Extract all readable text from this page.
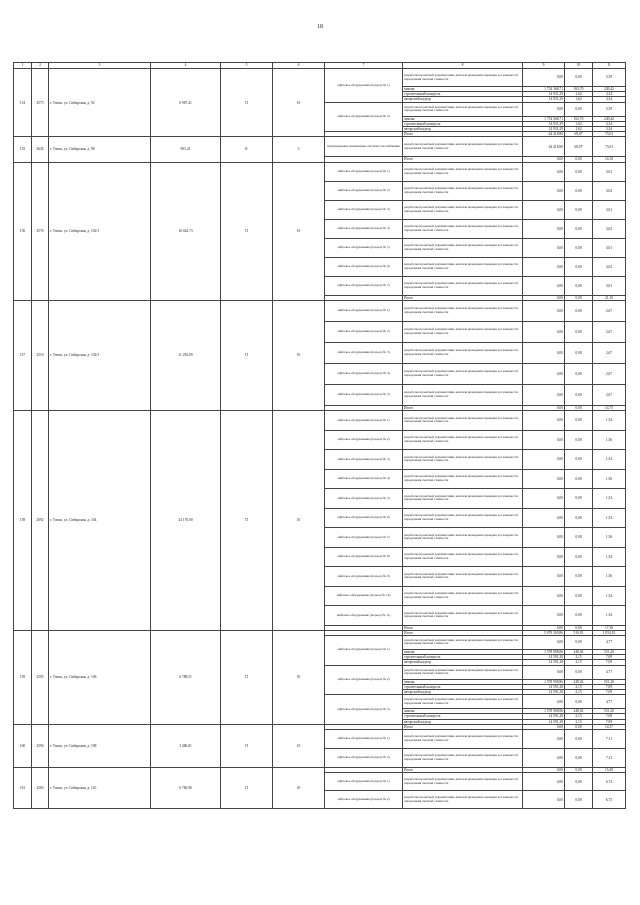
18
1	2	3	4	5	6	7	8	9	10	11
154	2575	г. Томск, ул. Сибирская, д. 92	6 987,41	П	10	лифтовое оборудование (подъезд № 1)	разработка проектной документации, включая проведение проверки достоверности определения сметной стоимости	0,00	0,00	5,59
							замена	1 754 368,71	163,70	249,42
							строительный контроль	14 931,29	1,62	3,34
							авторский надзор	14 931,29	1,62	3,34
						лифтовое оборудование (подъезд № 2)	разработка проектной документации, включая проведение проверки достоверности определения сметной стоимости	0,00	0,00	5,59
							замена	1 754 368,71	163,70	249,42
							строительный контроль	14 931,29	1,62	3,34
							авторский надзор	14 931,29	1,62	3,34
							Итого	64 418,80	69,07	73,01
155	2645	г. Томск, ул. Сибирская, д. 98	903,41	К	5	внутридомовые инженерные системы газоснабжения	разработка проектной документации, включая проведение проверки достоверности определения сметной стоимости	64 418,80	69,07	73,01
							Итого	0,00	0,00	14,10
156	2576	г. Томск, ул. Сибирская, д. 102/1	16 024,73	П	10	лифтовое оборудование (подъезд № 1)	разработка проектной документации, включая проведение проверки достоверности определения сметной стоимости	0,00	0,00	3,01
						лифтовое оборудование (подъезд № 2)	разработка проектной документации, включая проведение проверки достоверности определения сметной стоимости	0,00	0,00	3,02
						лифтовое оборудование (подъезд № 3)	разработка проектной документации, включая проведение проверки достоверности определения сметной стоимости	0,00	0,00	3,01
						лифтовое оборудование (подъезд № 4)	разработка проектной документации, включая проведение проверки достоверности определения сметной стоимости	0,00	0,00	3,02
						лифтовое оборудование (подъезд № 5)	разработка проектной документации, включая проведение проверки достоверности определения сметной стоимости	0,00	0,00	3,01
						лифтовое оборудование (подъезд № 6)	разработка проектной документации, включая проведение проверки достоверности определения сметной стоимости	0,00	0,00	3,02
						лифтовое оборудование (подъезд № 7)	разработка проектной документации, включая проведение проверки достоверности определения сметной стоимости	0,00	0,00	3,01
							Итого	0,00	0,00	21,10
157	2510	г. Томск, ул. Сибирская, д. 102/3	11 256,09	П	10	лифтовое оборудование (подъезд № 1)	разработка проектной документации, включая проведение проверки достоверности определения сметной стоимости	0,00	0,00	2,67
						лифтовое оборудование (подъезд № 2)	разработка проектной документации, включая проведение проверки достоверности определения сметной стоимости	0,00	0,00	2,67
						лифтовое оборудование (подъезд № 3)	разработка проектной документации, включая проведение проверки достоверности определения сметной стоимости	0,00	0,00	2,67
						лифтовое оборудование (подъезд № 4)	разработка проектной документации, включая проведение проверки достоверности определения сметной стоимости	0,00	0,00	2,67
						лифтовое оборудование (подъезд № 5)	разработка проектной документации, включая проведение проверки достоверности определения сметной стоимости	0,00	0,00	2,67
							Итого	0,00	0,00	14,75
158	2092	г. Томск, ул. Сибирская, д. 104	24 170,00	П	10	лифтовое оборудование (подъезд № 1)	разработка проектной документации, включая проведение проверки достоверности определения сметной стоимости	0,00	0,00	1,54
						лифтовое оборудование (подъезд № 2)	разработка проектной документации, включая проведение проверки достоверности определения сметной стоимости	0,00	0,00	1,56
						лифтовое оборудование (подъезд № 3)	разработка проектной документации, включая проведение проверки достоверности определения сметной стоимости	0,00	0,00	1,54
						лифтовое оборудование (подъезд № 4)	разработка проектной документации, включая проведение проверки достоверности определения сметной стоимости	0,00	0,00	1,56
						лифтовое оборудование (подъезд № 5)	разработка проектной документации, включая проведение проверки достоверности определения сметной стоимости	0,00	0,00	1,54
						лифтовое оборудование (подъезд № 6)	разработка проектной документации, включая проведение проверки достоверности определения сметной стоимости	0,00	0,00	1,54
						лифтовое оборудование (подъезд № 7)	разработка проектной документации, включая проведение проверки достоверности определения сметной стоимости	0,00	0,00	1,56
						лифтовое оборудование (подъезд № 8)	разработка проектной документации, включая проведение проверки достоверности определения сметной стоимости	0,00	0,00	1,54
						лифтовое оборудование (подъезд № 9)	разработка проектной документации, включая проведение проверки достоверности определения сметной стоимости	0,00	0,00	1,56
						лифтовое оборудование (подъезд № 10)	разработка проектной документации, включая проведение проверки достоверности определения сметной стоимости	0,00	0,00	1,54
						лифтовое оборудование (подъезд № 11)	разработка проектной документации, включая проведение проверки достоверности определения сметной стоимости	0,00	0,00	1,54
							Итого	0,00	0,00	17,36
159	2595	г. Томск, ул. Сибирская, д. 106	6 788,51	П	10		Итого	5 079 165,86	510,01	1 054,10
						лифтовое оборудование (подъезд № 1)	разработка проектной документации, включая проведение проверки достоверности определения сметной стоимости	0,00	0,00	4,77
							замена	1 578 908,86	248,02	551,20
							строительный контроль	14 591,28	2,15	7,09
							авторский надзор	14 591,28	2,15	7,09
						лифтовое оборудование (подъезд № 2)	разработка проектной документации, включая проведение проверки достоверности определения сметной стоимости	0,00	0,00	4,77
							замена	1 578 908,86	248,02	551,20
							строительный контроль	14 591,28	2,15	7,09
							авторский надзор	14 591,28	2,15	7,09
						лифтовое оборудование (подъезд № 3)	разработка проектной документации, включая проведение проверки достоверности определения сметной стоимости	0,00	0,00	4,77
							замена	1 578 908,86	248,02	551,20
							строительный контроль	14 591,28	2,15	7,09
							авторский надзор	14 591,28	2,15	7,09
160	2594	г. Томск, ул. Сибирская, д. 108	3 486,81	П	10		Итого	0,00	0,00	14,37
						лифтовое оборудование (подъезд № 1)	разработка проектной документации, включая проведение проверки достоверности определения сметной стоимости	0,00	0,00	7,11
						лифтовое оборудование (подъезд № 2)	разработка проектной документации, включая проведение проверки достоверности определения сметной стоимости	0,00	0,00	7,13
161	2565	г. Томск, ул. Сибирская, д. 110	6 760,96	П	10		Итого	0,00	0,00	15,49
						лифтовое оборудование (подъезд № 1)	разработка проектной документации, включая проведение проверки достоверности определения сметной стоимости	0,00	0,00	6,74
						лифтовое оборудование (подъезд № 2)	разработка проектной документации, включая проведение проверки достоверности определения сметной стоимости	0,00	0,00	6,75
